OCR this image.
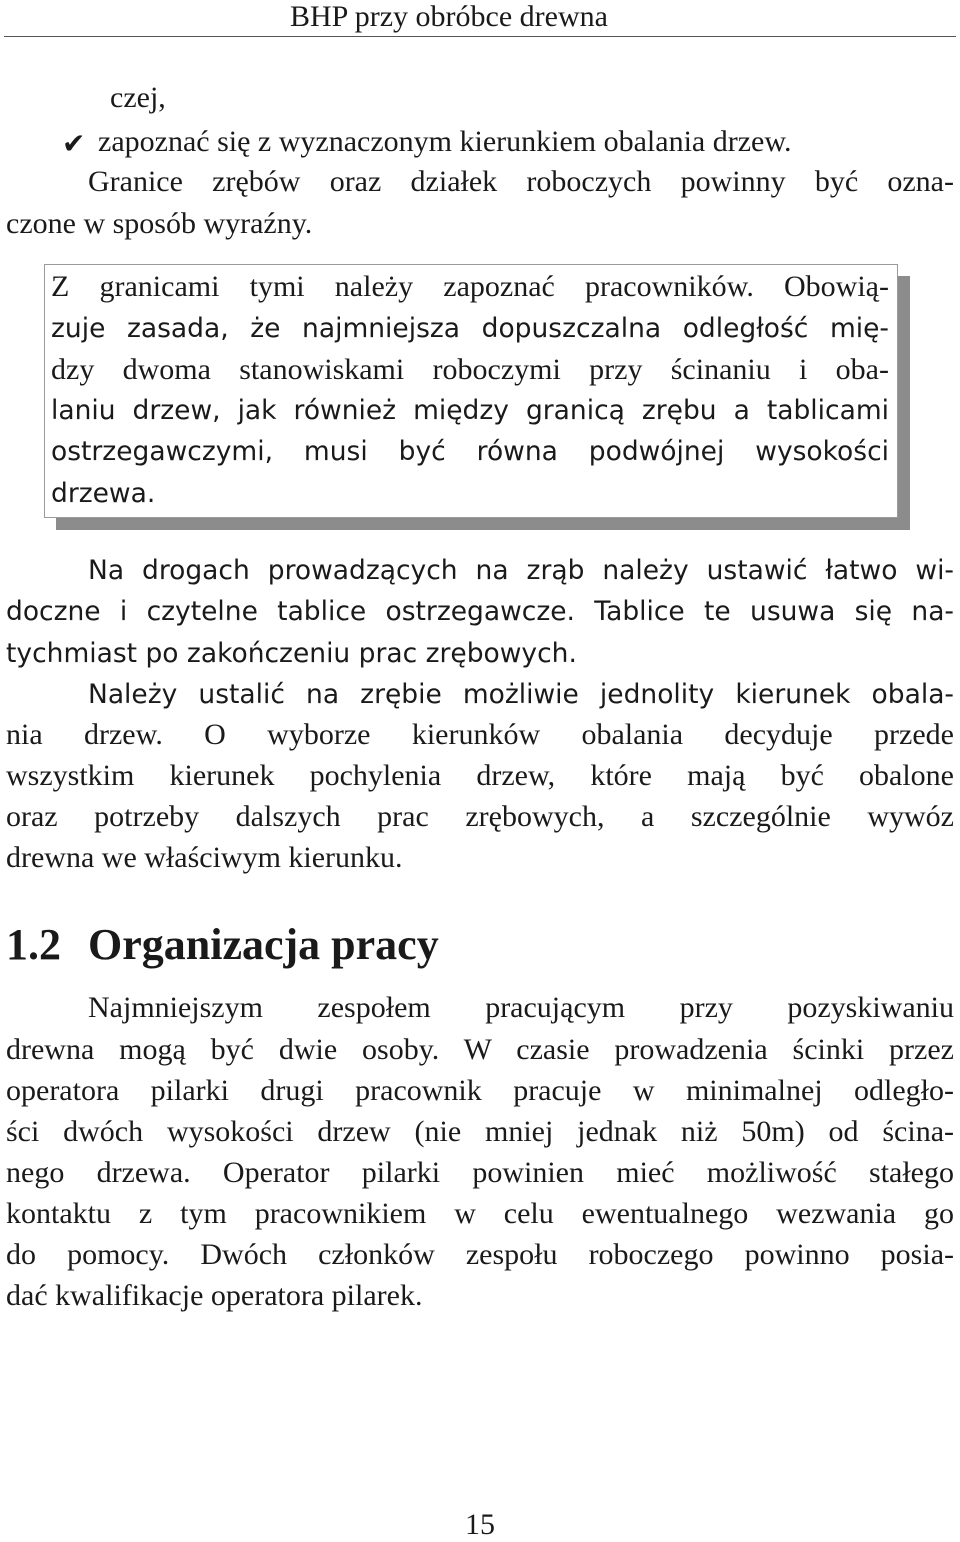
BHP przy obróbce drewna
czej,
✔ zapoznać się z wyznaczonym kierunkiem obalania drzew.
Granice zrębów oraz działek roboczych powinny być ozna-
czone w sposób wyraźny.
Z granicami tymi należy zapoznać pracowników. Obowią-
zuje zasada, że najmniejsza dopuszczalna odległość mię-
dzy dwoma stanowiskami roboczymi przy ścinaniu i oba-
laniu drzew, jak również między granicą zrębu a tablicami
ostrzegawczymi, musi być równa podwójnej wysokości
drzewa.
Na drogach prowadzących na zrąb należy ustawić łatwo wi-
doczne i czytelne tablice ostrzegawcze. Tablice te usuwa się na-
tychmiast po zakończeniu prac zrębowych.
Należy ustalić na zrębie możliwie jednolity kierunek obala-
nia drzew. O wyborze kierunków obalania decyduje przede
wszystkim kierunek pochylenia drzew, które mają być obalone
oraz potrzeby dalszych prac zrębowych, a szczególnie wywóz
drewna we właściwym kierunku.
1.2 Organizacja pracy
Najmniejszym zespołem pracującym przy pozyskiwaniu
drewna mogą być dwie osoby. W czasie prowadzenia ścinki przez
operatora pilarki drugi pracownik pracuje w minimalnej odległo-
ści dwóch wysokości drzew (nie mniej jednak niż 50m) od ścina-
nego drzewa. Operator pilarki powinien mieć możliwość stałego
kontaktu z tym pracownikiem w celu ewentualnego wezwania go
do pomocy. Dwóch członków zespołu roboczego powinno posia-
dać kwalifikacje operatora pilarek.
15
